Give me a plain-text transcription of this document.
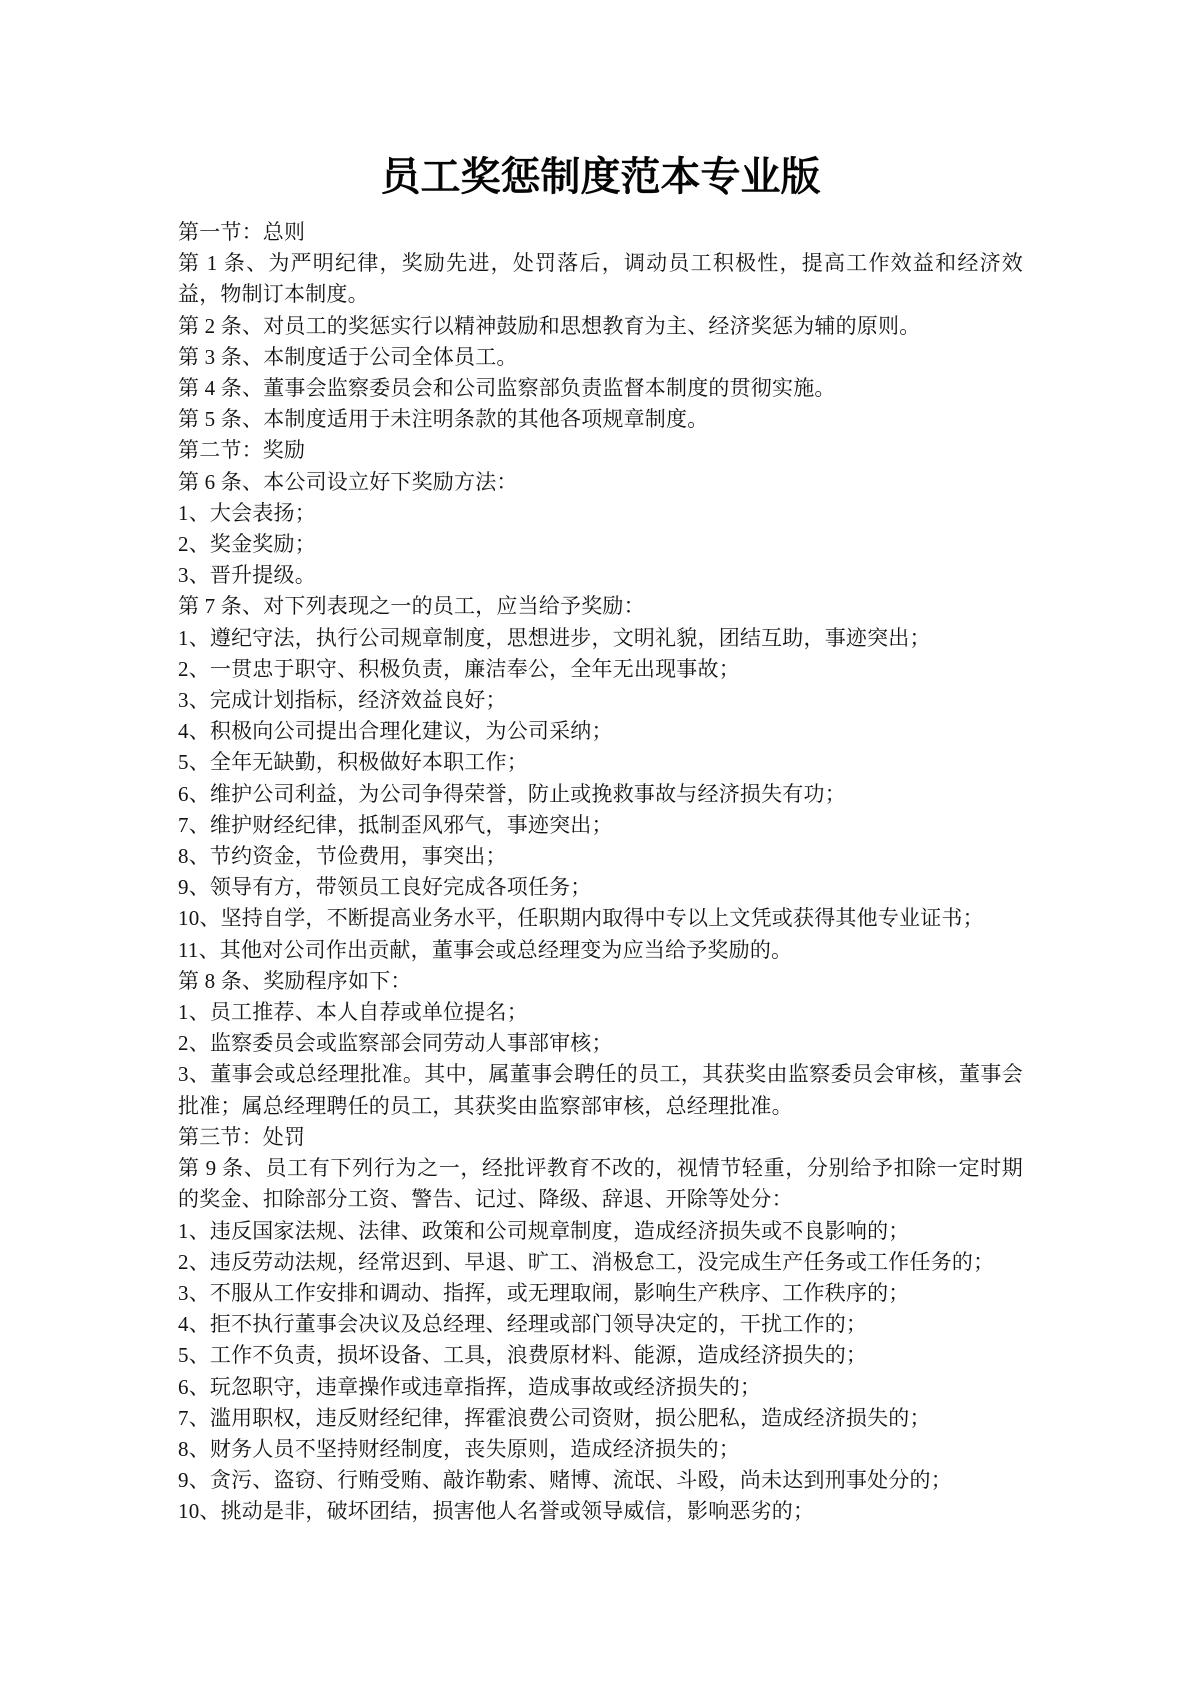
员工奖惩制度范本专业版

第一节：总则

第 1 条、为严明纪律，奖励先进，处罚落后，调动员工积极性，提高工作效益和经济效益，物制订本制度。

第 2 条、对员工的奖惩实行以精神鼓励和思想教育为主、经济奖惩为辅的原则。

第 3 条、本制度适于公司全体员工。

第 4 条、董事会监察委员会和公司监察部负责监督本制度的贯彻实施。

第 5 条、本制度适用于未注明条款的其他各项规章制度。

第二节：奖励

第 6 条、本公司设立好下奖励方法：

1、大会表扬；

2、奖金奖励；

3、晋升提级。

第 7 条、对下列表现之一的员工，应当给予奖励：

1、遵纪守法，执行公司规章制度，思想进步，文明礼貌，团结互助，事迹突出；

2、一贯忠于职守、积极负责，廉洁奉公，全年无出现事故；

3、完成计划指标，经济效益良好；

4、积极向公司提出合理化建议，为公司采纳；

5、全年无缺勤，积极做好本职工作；

6、维护公司利益，为公司争得荣誉，防止或挽救事故与经济损失有功；

7、维护财经纪律，抵制歪风邪气，事迹突出；

8、节约资金，节俭费用，事突出；

9、领导有方，带领员工良好完成各项任务；

10、坚持自学，不断提高业务水平，任职期内取得中专以上文凭或获得其他专业证书；

11、其他对公司作出贡献，董事会或总经理变为应当给予奖励的。

第 8 条、奖励程序如下：

1、员工推荐、本人自荐或单位提名；

2、监察委员会或监察部会同劳动人事部审核；

3、董事会或总经理批准。其中，属董事会聘任的员工，其获奖由监察委员会审核，董事会批准；属总经理聘任的员工，其获奖由监察部审核，总经理批准。

第三节：处罚

第 9 条、员工有下列行为之一，经批评教育不改的，视情节轻重，分别给予扣除一定时期的奖金、扣除部分工资、警告、记过、降级、辞退、开除等处分：

1、违反国家法规、法律、政策和公司规章制度，造成经济损失或不良影响的；

2、违反劳动法规，经常迟到、早退、旷工、消极怠工，没完成生产任务或工作任务的；

3、不服从工作安排和调动、指挥，或无理取闹，影响生产秩序、工作秩序的；

4、拒不执行董事会决议及总经理、经理或部门领导决定的，干扰工作的；

5、工作不负责，损坏设备、工具，浪费原材料、能源，造成经济损失的；

6、玩忽职守，违章操作或违章指挥，造成事故或经济损失的；

7、滥用职权，违反财经纪律，挥霍浪费公司资财，损公肥私，造成经济损失的；

8、财务人员不坚持财经制度，丧失原则，造成经济损失的；

9、贪污、盗窃、行贿受贿、敲诈勒索、赌博、流氓、斗殴，尚未达到刑事处分的；

10、挑动是非，破坏团结，损害他人名誉或领导威信，影响恶劣的；
